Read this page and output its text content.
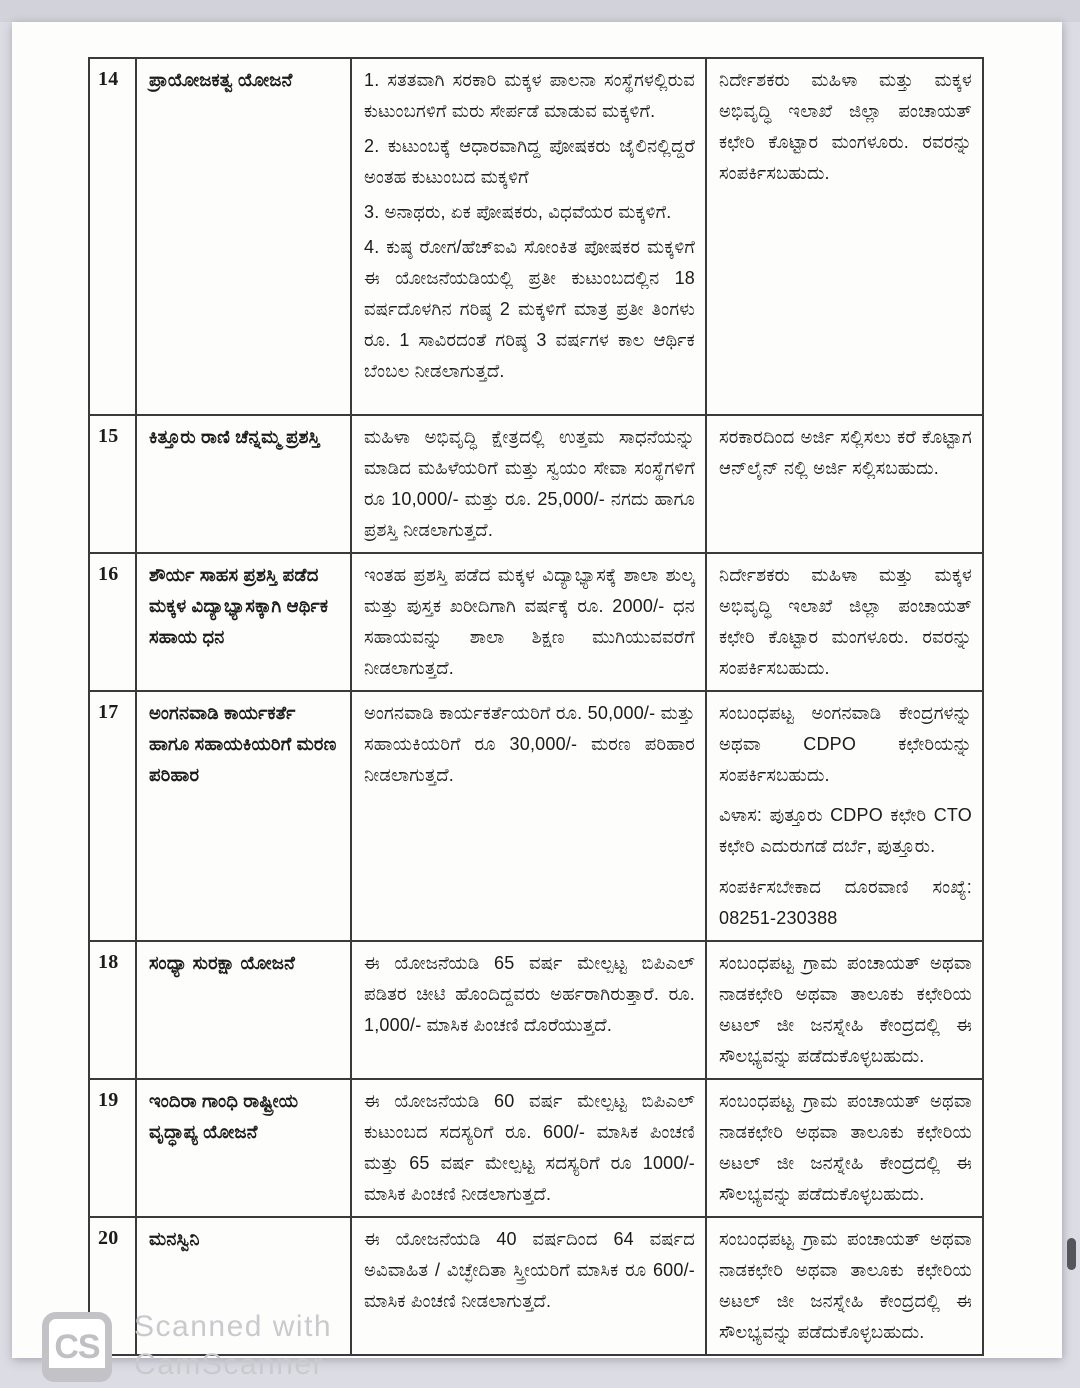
14	ಪ್ರಾಯೋಜಕತ್ವ ಯೋಜನೆ	1. ಸತತವಾಗಿ ಸರಕಾರಿ ಮಕ್ಕಳ ಪಾಲನಾ ಸಂಸ್ಥೆಗಳಲ್ಲಿರುವ ಕುಟುಂಬಗಳಿಗೆ ಮರು ಸೇರ್ಪಡೆ ಮಾಡುವ ಮಕ್ಕಳಿಗೆ.

2. ಕುಟುಂಬಕ್ಕೆ ಆಧಾರವಾಗಿದ್ದ ಪೋಷಕರು ಜೈಲಿನಲ್ಲಿದ್ದರೆ ಅಂತಹ ಕುಟುಂಬದ ಮಕ್ಕಳಿಗೆ

3. ಅನಾಥರು, ಏಕ ಪೋಷಕರು, ವಿಧವೆಯರ ಮಕ್ಕಳಿಗೆ.

4. ಕುಷ್ಠ ರೋಗ/ಹೆಚ್‌ಐವಿ ಸೋಂಕಿತ ಪೋಷಕರ ಮಕ್ಕಳಿಗೆ ಈ ಯೋಜನೆಯಡಿಯಲ್ಲಿ ಪ್ರತೀ ಕುಟುಂಬದಲ್ಲಿನ 18 ವರ್ಷದೊಳಗಿನ ಗರಿಷ್ಠ 2 ಮಕ್ಕಳಿಗೆ ಮಾತ್ರ ಪ್ರತೀ ತಿಂಗಳು ರೂ. 1 ಸಾವಿರದಂತೆ ಗರಿಷ್ಠ 3 ವರ್ಷಗಳ ಕಾಲ ಆರ್ಥಿಕ ಬೆಂಬಲ ನೀಡಲಾಗುತ್ತದೆ.	ನಿರ್ದೇಶಕರು ಮಹಿಳಾ ಮತ್ತು ಮಕ್ಕಳ ಅಭಿವೃದ್ಧಿ ಇಲಾಖೆ ಜಿಲ್ಲಾ ಪಂಚಾಯತ್ ಕಛೇರಿ ಕೊಟ್ಟಾರ ಮಂಗಳೂರು. ರವರನ್ನು ಸಂಪರ್ಕಿಸಬಹುದು.

15	ಕಿತ್ತೂರು ರಾಣಿ ಚೆನ್ನಮ್ಮ ಪ್ರಶಸ್ತಿ	ಮಹಿಳಾ ಅಭಿವೃದ್ಧಿ ಕ್ಷೇತ್ರದಲ್ಲಿ ಉತ್ತಮ ಸಾಧನೆಯನ್ನು ಮಾಡಿದ ಮಹಿಳೆಯರಿಗೆ ಮತ್ತು ಸ್ವಯಂ ಸೇವಾ ಸಂಸ್ಥೆಗಳಿಗೆ ರೂ 10,000/- ಮತ್ತು ರೂ. 25,000/- ನಗದು ಹಾಗೂ ಪ್ರಶಸ್ತಿ ನೀಡಲಾಗುತ್ತದೆ.	ಸರಕಾರದಿಂದ ಅರ್ಜಿ ಸಲ್ಲಿಸಲು ಕರೆ ಕೊಟ್ಟಾಗ ಆನ್‌ಲೈನ್ ನಲ್ಲಿ ಅರ್ಜಿ ಸಲ್ಲಿಸಬಹುದು.

16	ಶೌರ್ಯ ಸಾಹಸ ಪ್ರಶಸ್ತಿ ಪಡೆದ ಮಕ್ಕಳ ವಿದ್ಯಾಭ್ಯಾಸಕ್ಕಾಗಿ ಆರ್ಥಿಕ ಸಹಾಯ ಧನ	ಇಂತಹ ಪ್ರಶಸ್ತಿ ಪಡೆದ ಮಕ್ಕಳ ವಿದ್ಯಾಭ್ಯಾಸಕ್ಕೆ ಶಾಲಾ ಶುಲ್ಕ ಮತ್ತು ಪುಸ್ತಕ ಖರೀದಿಗಾಗಿ ವರ್ಷಕ್ಕೆ ರೂ. 2000/- ಧನ ಸಹಾಯವನ್ನು ಶಾಲಾ ಶಿಕ್ಷಣ ಮುಗಿಯುವವರೆಗೆ ನೀಡಲಾಗುತ್ತದೆ.	ನಿರ್ದೇಶಕರು ಮಹಿಳಾ ಮತ್ತು ಮಕ್ಕಳ ಅಭಿವೃದ್ಧಿ ಇಲಾಖೆ ಜಿಲ್ಲಾ ಪಂಚಾಯತ್ ಕಛೇರಿ ಕೊಟ್ಟಾರ ಮಂಗಳೂರು. ರವರನ್ನು ಸಂಪರ್ಕಿಸಬಹುದು.

17	ಅಂಗನವಾಡಿ ಕಾರ್ಯಕರ್ತೆ ಹಾಗೂ ಸಹಾಯಕಿಯರಿಗೆ ಮರಣ ಪರಿಹಾರ	ಅಂಗನವಾಡಿ ಕಾರ್ಯಕರ್ತೆಯರಿಗೆ ರೂ. 50,000/- ಮತ್ತು ಸಹಾಯಕಿಯರಿಗೆ ರೂ 30,000/- ಮರಣ ಪರಿಹಾರ ನೀಡಲಾಗುತ್ತದೆ.	ಸಂಬಂಧಪಟ್ಟ ಅಂಗನವಾಡಿ ಕೇಂದ್ರಗಳನ್ನು ಅಥವಾ CDPO ಕಛೇರಿಯನ್ನು ಸಂಪರ್ಕಿಸಬಹುದು.

ವಿಳಾಸ: ಪುತ್ತೂರು CDPO ಕಛೇರಿ CTO ಕಛೇರಿ ಎದುರುಗಡೆ ದರ್ಬೆ, ಪುತ್ತೂರು.

ಸಂಪರ್ಕಿಸಬೇಕಾದ ದೂರವಾಣಿ ಸಂಖ್ಯೆ: 08251-230388

18	ಸಂಧ್ಯಾ ಸುರಕ್ಷಾ ಯೋಜನೆ	ಈ ಯೋಜನೆಯಡಿ 65 ವರ್ಷ ಮೇಲ್ಪಟ್ಟ ಬಿಪಿಎಲ್ ಪಡಿತರ ಚೀಟಿ ಹೊಂದಿದ್ದವರು ಅರ್ಹರಾಗಿರುತ್ತಾರೆ. ರೂ. 1,000/- ಮಾಸಿಕ ಪಿಂಚಣಿ ದೊರೆಯುತ್ತದೆ.	ಸಂಬಂಧಪಟ್ಟ ಗ್ರಾಮ ಪಂಚಾಯತ್ ಅಥವಾ ನಾಡಕಛೇರಿ ಅಥವಾ ತಾಲೂಕು ಕಛೇರಿಯ ಅಟಲ್ ಜೀ ಜನಸ್ನೇಹಿ ಕೇಂದ್ರದಲ್ಲಿ ಈ ಸೌಲಭ್ಯವನ್ನು ಪಡೆದುಕೊಳ್ಳಬಹುದು.

19	ಇಂದಿರಾ ಗಾಂಧಿ ರಾಷ್ಟ್ರೀಯ ವೃದ್ಧಾಪ್ಯ ಯೋಜನೆ	ಈ ಯೋಜನೆಯಡಿ 60 ವರ್ಷ ಮೇಲ್ಪಟ್ಟ ಬಿಪಿಎಲ್ ಕುಟುಂಬದ ಸದಸ್ಯರಿಗೆ ರೂ. 600/- ಮಾಸಿಕ ಪಿಂಚಣಿ ಮತ್ತು 65 ವರ್ಷ ಮೇಲ್ಪಟ್ಟ ಸದಸ್ಯರಿಗೆ ರೂ 1000/- ಮಾಸಿಕ ಪಿಂಚಣಿ ನೀಡಲಾಗುತ್ತದೆ.	ಸಂಬಂಧಪಟ್ಟ ಗ್ರಾಮ ಪಂಚಾಯತ್ ಅಥವಾ ನಾಡಕಛೇರಿ ಅಥವಾ ತಾಲೂಕು ಕಛೇರಿಯ ಅಟಲ್ ಜೀ ಜನಸ್ನೇಹಿ ಕೇಂದ್ರದಲ್ಲಿ ಈ ಸೌಲಭ್ಯವನ್ನು ಪಡೆದುಕೊಳ್ಳಬಹುದು.

20	ಮನಸ್ವಿನಿ	ಈ ಯೋಜನೆಯಡಿ 40 ವರ್ಷದಿಂದ 64 ವರ್ಷದ ಅವಿವಾಹಿತ / ವಿಚ್ಛೇದಿತಾ ಸ್ತ್ರೀಯರಿಗೆ ಮಾಸಿಕ ರೂ 600/- ಮಾಸಿಕ ಪಿಂಚಣಿ ನೀಡಲಾಗುತ್ತದೆ.	ಸಂಬಂಧಪಟ್ಟ ಗ್ರಾಮ ಪಂಚಾಯತ್ ಅಥವಾ ನಾಡಕಛೇರಿ ಅಥವಾ ತಾಲೂಕು ಕಛೇರಿಯ ಅಟಲ್ ಜೀ ಜನಸ್ನೇಹಿ ಕೇಂದ್ರದಲ್ಲಿ ಈ ಸೌಲಭ್ಯವನ್ನು ಪಡೆದುಕೊಳ್ಳಬಹುದು.

CS
Scanned with
CamScanner
